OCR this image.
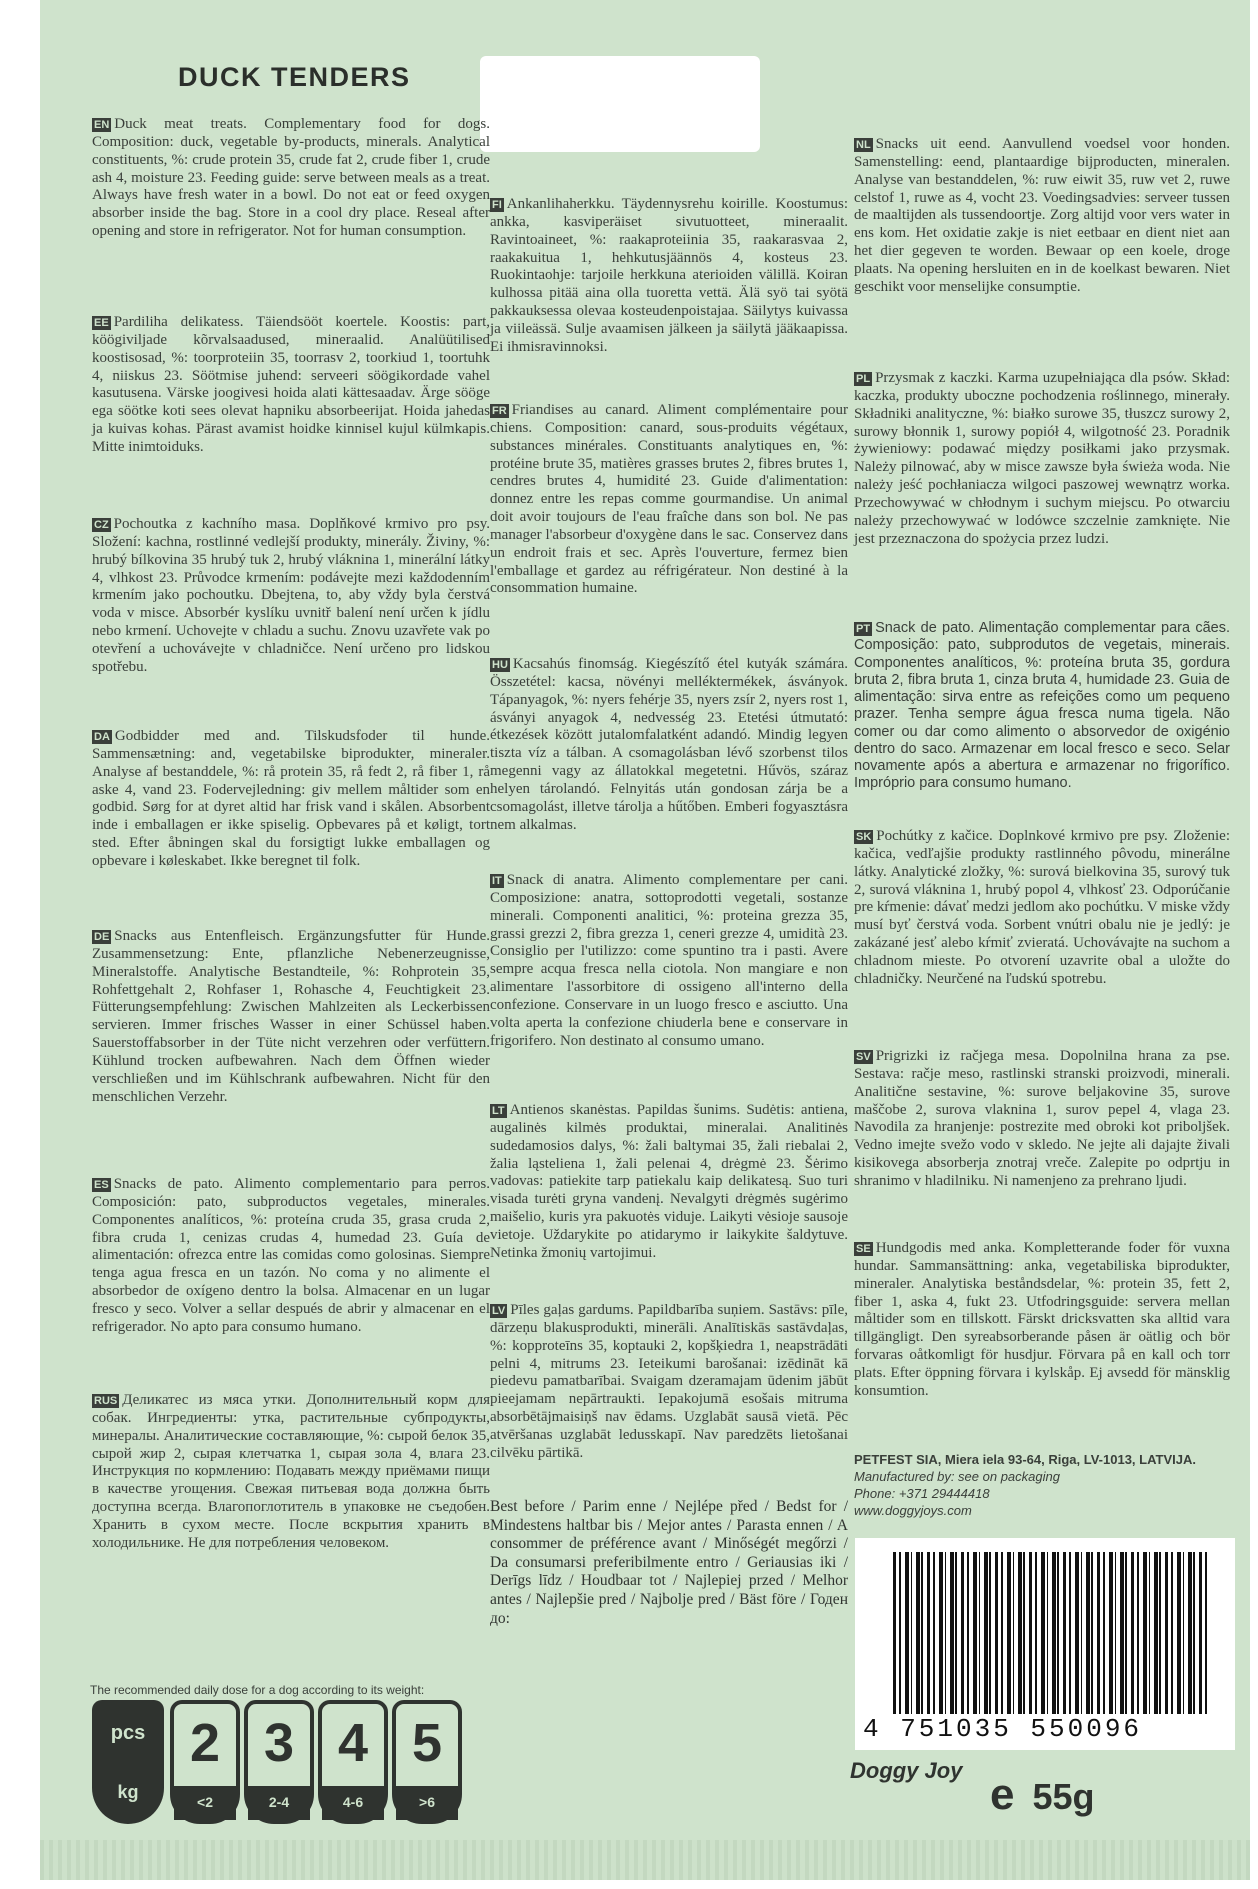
DUCK TENDERS
EN Duck meat treats. Complementary food for dogs. Composition: duck, vegetable by-products, minerals. Analytical constituents, %: crude protein 35, crude fat 2, crude fiber 1, crude ash 4, moisture 23. Feeding guide: serve between meals as a treat. Always have fresh water in a bowl. Do not eat or feed oxygen absorber inside the bag. Store in a cool dry place. Reseal after opening and store in refrigerator. Not for human consumption.
EE Pardiliha delikatess. Täiendsööt koertele. Koostis: part, köögiviljade kõrvalsaadused, mineraalid. Analüütilised koostisosad, %: toorproteiin 35, toorrasv 2, toorkiud 1, toortuhk 4, niiskus 23. Söötmise juhend: serveeri söögikordade vahel kasutusena. Värske joogivesi hoida alati kättesaadav. Ärge sööge ega söötke koti sees olevat hapniku absorbeerijat. Hoida jahedas ja kuivas kohas. Pärast avamist hoidke kinnisel kujul külmkapis. Mitte inimtoiduks.
CZ Pochoutka z kachního masa. Doplňkové krmivo pro psy. Složení: kachna, rostlinné vedlejší produkty, minerály. Živiny, %: hrubý bílkovina 35 hrubý tuk 2, hrubý vláknina 1, minerální látky 4, vlhkost 23. Průvodce krmením: podávejte mezi každodenním krmením jako pochoutku. Dbejtena, to, aby vždy byla čerstvá voda v misce. Absorbér kyslíku uvnitř balení není určen k jídlu nebo krmení. Uchovejte v chladu a suchu. Znovu uzavřete vak po otevření a uchovávejte v chladničce. Není určeno pro lidskou spotřebu.
DA Godbidder med and. Tilskudsfoder til hunde. Sammensætning: and, vegetabilske biprodukter, mineraler. Analyse af bestanddele, %: rå protein 35, rå fedt 2, rå fiber 1, rå aske 4, vand 23. Fodervejledning: giv mellem måltider som en godbid. Sørg for at dyret altid har frisk vand i skålen. Absorbent inde i emballagen er ikke spiselig. Opbevares på et køligt, tort sted. Efter åbningen skal du forsigtigt lukke emballagen og opbevare i køleskabet. Ikke beregnet til folk.
DE Snacks aus Entenfleisch. Ergänzungsfutter für Hunde. Zusammensetzung: Ente, pflanzliche Nebenerzeugnisse, Mineralstoffe. Analytische Bestandteile, %: Rohprotein 35, Rohfettgehalt 2, Rohfaser 1, Rohasche 4, Feuchtigkeit 23. Fütterungsempfehlung: Zwischen Mahlzeiten als Leckerbissen servieren. Immer frisches Wasser in einer Schüssel haben. Sauerstoffabsorber in der Tüte nicht verzehren oder verfüttern. Kühlund trocken aufbewahren. Nach dem Öffnen wieder verschließen und im Kühlschrank aufbewahren. Nicht für den menschlichen Verzehr.
ES Snacks de pato. Alimento complementario para perros. Composición: pato, subproductos vegetales, minerales. Componentes analíticos, %: proteína cruda 35, grasa cruda 2, fibra cruda 1, cenizas crudas 4, humedad 23. Guía de alimentación: ofrezca entre las comidas como golosinas. Siempre tenga agua fresca en un tazón. No coma y no alimente el absorbedor de oxígeno dentro la bolsa. Almacenar en un lugar fresco y seco. Volver a sellar después de abrir y almacenar en el refrigerador. No apto para consumo humano.
RUS Деликатес из мяса утки. Дополнительный корм для собак. Ингредиенты: утка, растительные субпродукты, минералы. Аналитические составляющие, %: сырой белок 35, сырой жир 2, сырая клетчатка 1, сырая зола 4, влага 23. Инструкция по кормлению: Подавать между приёмами пищи в качестве угощения. Свежая питьевая вода должна быть доступна всегда. Влагопоглотитель в упаковке не съедобен. Хранить в сухом месте. После вскрытия хранить в холодильнике. Не для потребления человеком.
FI Ankanlihaherkku. Täydennysrehu koirille. Koostumus: ankka, kasviperäiset sivutuotteet, mineraalit. Ravintoaineet, %: raakaproteiinia 35, raakarasvaa 2, raakakuitua 1, hehkutusjäännös 4, kosteus 23. Ruokintaohje: tarjoile herkkuna aterioiden välillä. Koiran kulhossa pitää aina olla tuoretta vettä. Älä syö tai syötä pakkauksessa olevaa kosteudenpoistajaa. Säilytys kuivassa ja viileässä. Sulje avaamisen jälkeen ja säilytä jääkaapissa. Ei ihmisravinnoksi.
FR Friandises au canard. Aliment complémentaire pour chiens. Composition: canard, sous-produits végétaux, substances minérales. Constituants analytiques en, %: protéine brute 35, matières grasses brutes 2, fibres brutes 1, cendres brutes 4, humidité 23. Guide d'alimentation: donnez entre les repas comme gourmandise. Un animal doit avoir toujours de l'eau fraîche dans son bol. Ne pas manager l'absorbeur d'oxygène dans le sac. Conservez dans un endroit frais et sec. Après l'ouverture, fermez bien l'emballage et gardez au réfrigérateur. Non destiné à la consommation humaine.
HU Kacsahús finomság. Kiegészítő étel kutyák számára. Összetétel: kacsa, növényi melléktermékek, ásványok. Tápanyagok, %: nyers fehérje 35, nyers zsír 2, nyers rost 1, ásványi anyagok 4, nedvesség 23. Etetési útmutató: étkezések között jutalomfalatként adandó. Mindig legyen tiszta víz a tálban. A csomagolásban lévő szorbenst tilos megenni vagy az állatokkal megetetni. Hűvös, száraz helyen tárolandó. Felnyitás után gondosan zárja be a csomagolást, illetve tárolja a hűtőben. Emberi fogyasztásra nem alkalmas.
IT Snack di anatra. Alimento complementare per cani. Composizione: anatra, sottoprodotti vegetali, sostanze minerali. Componenti analitici, %: proteina grezza 35, grassi grezzi 2, fibra grezza 1, ceneri grezze 4, umidità 23. Consiglio per l'utilizzo: come spuntino tra i pasti. Avere sempre acqua fresca nella ciotola. Non mangiare e non alimentare l'assorbitore di ossigeno all'interno della confezione. Conservare in un luogo fresco e asciutto. Una volta aperta la confezione chiuderla bene e conservare in frigorifero. Non destinato al consumo umano.
LT Antienos skanėstas. Papildas šunims. Sudėtis: antiena, augalinės kilmės produktai, mineralai. Analitinės sudedamosios dalys, %: žali baltymai 35, žali riebalai 2, žalia ląsteliena 1, žali pelenai 4, drėgmė 23. Šėrimo vadovas: patiekite tarp patiekalu kaip delikatesą. Suo turi visada turėti gryna vandenį. Nevalgyti drėgmės sugėrimo maišelio, kuris yra pakuotės viduje. Laikyti vėsioje sausoje vietoje. Uždarykite po atidarymo ir laikykite šaldytuve. Netinka žmonių vartojimui.
LV Pīles gaļas gardums. Papildbarība suņiem. Sastāvs: pīle, dārzeņu blakusprodukti, minerāli. Analītiskās sastāvdaļas, %: kopproteīns 35, koptauki 2, kopšķiedra 1, neapstrādāti pelni 4, mitrums 23. Ieteikumi barošanai: izēdināt kā piedevu pamatbarībai. Svaigam dzeramajam ūdenim jābūt pieejamam nepārtraukti. Iepakojumā esošais mitruma absorbētājmaisiņš nav ēdams. Uzglabāt sausā vietā. Pēc atvēršanas uzglabāt ledusskapī. Nav paredzēts lietošanai cilvēku pārtikā.
Best before / Parim enne / Nejlépe před / Bedst for / Mindestens haltbar bis / Mejor antes / Parasta ennen / A consommer de préférence avant / Minőségét megőrzi / Da consumarsi preferibilmente entro / Geriausias iki / Derīgs līdz / Houdbaar tot / Najlepiej przed / Melhor antes / Najlepšie pred / Najbolje pred / Bäst före / Годен до:
NL Snacks uit eend. Aanvullend voedsel voor honden. Samenstelling: eend, plantaardige bijproducten, mineralen. Analyse van bestanddelen, %: ruw eiwit 35, ruw vet 2, ruwe celstof 1, ruwe as 4, vocht 23. Voedingsadvies: serveer tussen de maaltijden als tussendoortje. Zorg altijd voor vers water in ens kom. Het oxidatie zakje is niet eetbaar en dient niet aan het dier gegeven te worden. Bewaar op een koele, droge plaats. Na opening hersluiten en in de koelkast bewaren. Niet geschikt voor menselijke consumptie.
PL Przysmak z kaczki. Karma uzupełniająca dla psów. Skład: kaczka, produkty uboczne pochodzenia roślinnego, minerały. Składniki analityczne, %: białko surowe 35, tłuszcz surowy 2, surowy błonnik 1, surowy popiół 4, wilgotność 23. Poradnik żywieniowy: podawać między posiłkami jako przysmak. Należy pilnować, aby w misce zawsze była świeża woda. Nie należy jeść pochłaniacza wilgoci paszowej wewnątrz worka. Przechowywać w chłodnym i suchym miejscu. Po otwarciu należy przechowywać w lodówce szczelnie zamknięte. Nie jest przeznaczona do spożycia przez ludzi.
PT Snack de pato. Alimentação complementar para cães. Composição: pato, subprodutos de vegetais, minerais. Componentes analíticos, %: proteína bruta 35, gordura bruta 2, fibra bruta 1, cinza bruta 4, humidade 23. Guia de alimentação: sirva entre as refeições como um pequeno prazer. Tenha sempre água fresca numa tigela. Não comer ou dar como alimento o absorvedor de oxigénio dentro do saco. Armazenar em local fresco e seco. Selar novamente após a abertura e armazenar no frigorífico. Impróprio para consumo humano.
SK Pochútky z kačice. Doplnkové krmivo pre psy. Zloženie: kačica, vedľajšie produkty rastlinného pôvodu, minerálne látky. Analytické zložky, %: surová bielkovina 35, surový tuk 2, surová vláknina 1, hrubý popol 4, vlhkosť 23. Odporúčanie pre kŕmenie: dávať medzi jedlom ako pochútku. V miske vždy musí byť čerstvá voda. Sorbent vnútri obalu nie je jedlý: je zakázané jesť alebo kŕmiť zvieratá. Uchovávajte na suchom a chladnom mieste. Po otvorení uzavrite obal a uložte do chladničky. Neurčené na ľudskú spotrebu.
SV Prigrizki iz račjega mesa. Dopolnilna hrana za pse. Sestava: račje meso, rastlinski stranski proizvodi, minerali. Analitične sestavine, %: surove beljakovine 35, surove maščobe 2, surova vlaknina 1, surov pepel 4, vlaga 23. Navodila za hranjenje: postrezite med obroki kot priboljšek. Vedno imejte svežo vodo v skledo. Ne jejte ali dajajte živali kisikovega absorberja znotraj vreče. Zalepite po odprtju in shranimo v hladilniku. Ni namenjeno za prehrano ljudi.
SE Hundgodis med anka. Kompletterande foder för vuxna hundar. Sammansättning: anka, vegetabiliska biprodukter, mineraler. Analytiska beståndsdelar, %: protein 35, fett 2, fiber 1, aska 4, fukt 23. Utfodringsguide: servera mellan måltider som en tillskott. Färskt dricksvatten ska alltid vara tillgängligt. Den syreabsorberande påsen är oätlig och bör forvaras oåtkomligt för husdjur. Förvara på en kall och torr plats. Efter öppning förvara i kylskåp. Ej avsedd för mänsklig konsumtion.
PETFEST SIA, Miera iela 93-64, Riga, LV-1013, LATVIJA.
Manufactured by: see on packaging
Phone: +371 29444418
www.doggyjoys.com
The recommended daily dose for a dog according to its weight:
pcs
kg
2
<2
3
2-4
4
4-6
5
>6
4 751035 550096
Doggy Joy e 55g
